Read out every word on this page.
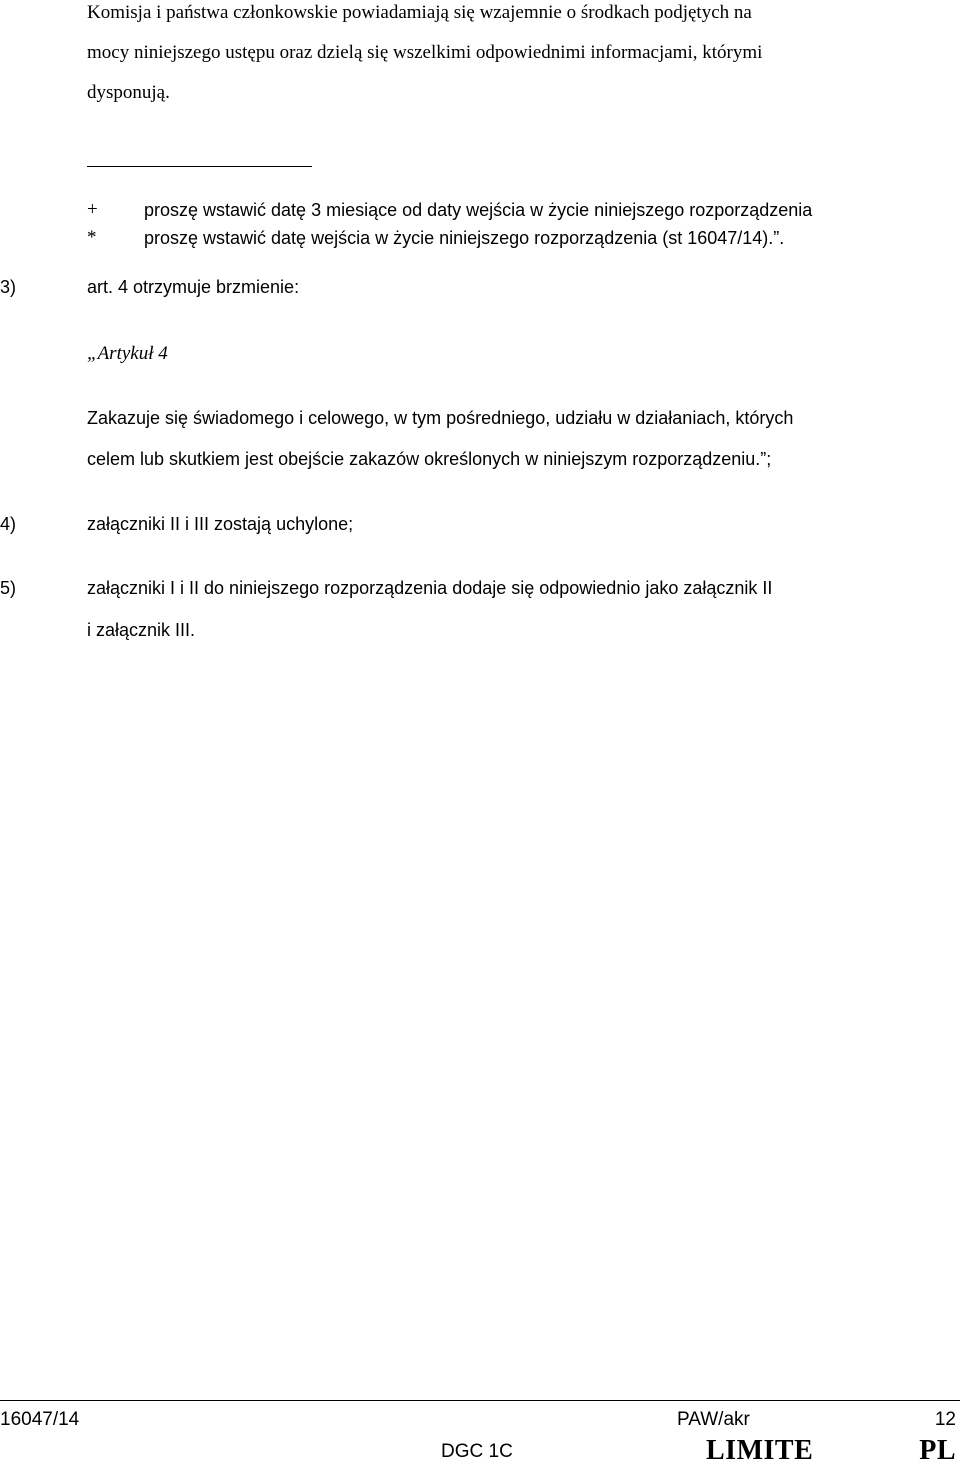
Komisja i państwa członkowskie powiadamiają się wzajemnie o środkach podjętych na

mocy niniejszego ustępu oraz dzielą się wszelkimi odpowiednimi informacjami, którymi

dysponują.

+	proszę wstawić datę 3 miesiące od daty wejścia w życie niniejszego rozporządzenia
*	proszę wstawić datę wejścia w życie niniejszego rozporządzenia (st 16047/14).”.
3)	art. 4 otrzymuje brzmienie:
„Artykuł 4

Zakazuje się świadomego i celowego, w tym pośredniego, udziału w działaniach, których

celem lub skutkiem jest obejście zakazów określonych w niniejszym rozporządzeniu.”;

4)	załączniki II i III zostają uchylone;
5)	załączniki I i II do niniejszego rozporządzenia dodaje się odpowiednio jako załącznik II
i załącznik III.
16047/14	PAW/akr	12
DGC 1C	LIMITE	PL
